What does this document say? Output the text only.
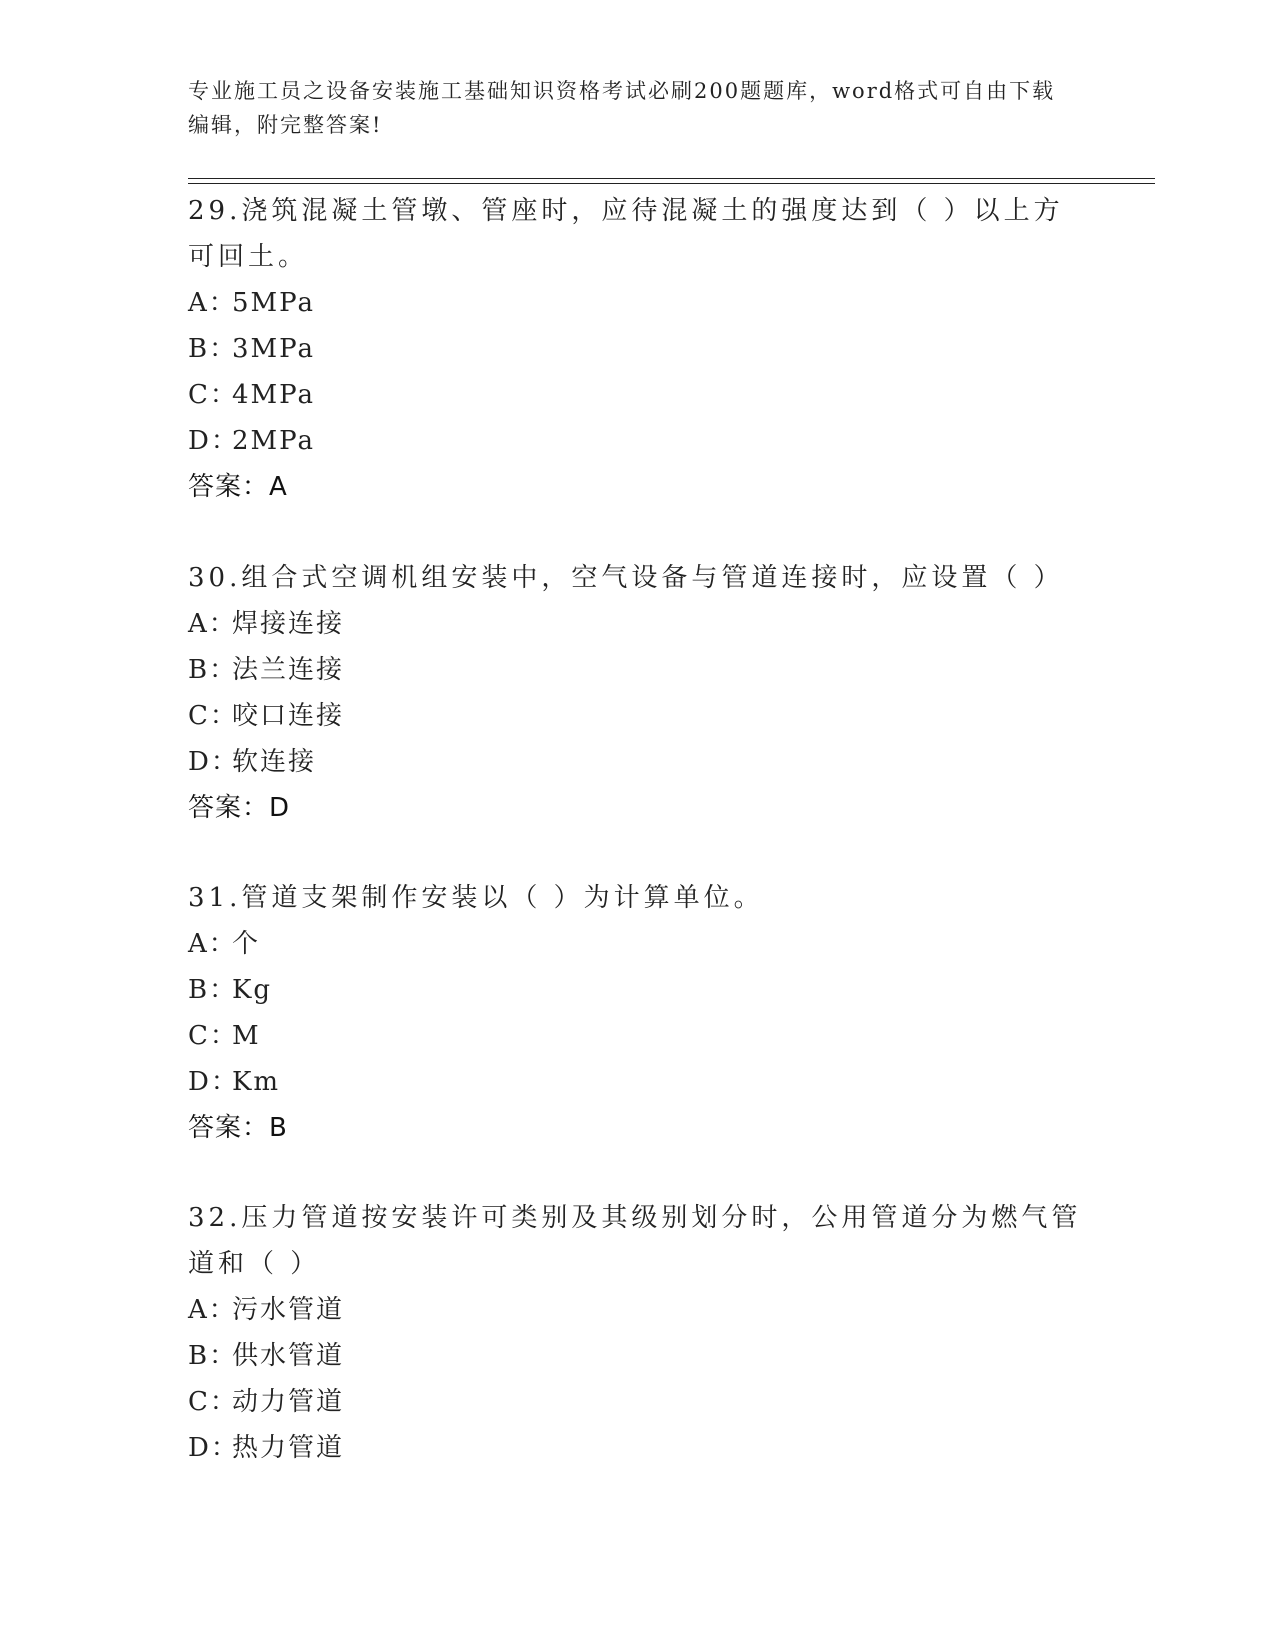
专业施工员之设备安装施工基础知识资格考试必刷200题题库，word格式可自由下载编辑，附完整答案!

29.浇筑混凝土管墩、管座时，应待混凝土的强度达到（ ）以上方可回土。

A：5MPa

B：3MPa

C：4MPa

D：2MPa

答案：A

30.组合式空调机组安装中，空气设备与管道连接时，应设置（ ）

A：焊接连接

B：法兰连接

C：咬口连接

D：软连接

答案：D

31.管道支架制作安装以（ ）为计算单位。

A：个

B：Kg

C：M

D：Km

答案：B

32.压力管道按安装许可类别及其级别划分时，公用管道分为燃气管道和（ ）

A：污水管道

B：供水管道

C：动力管道

D：热力管道
